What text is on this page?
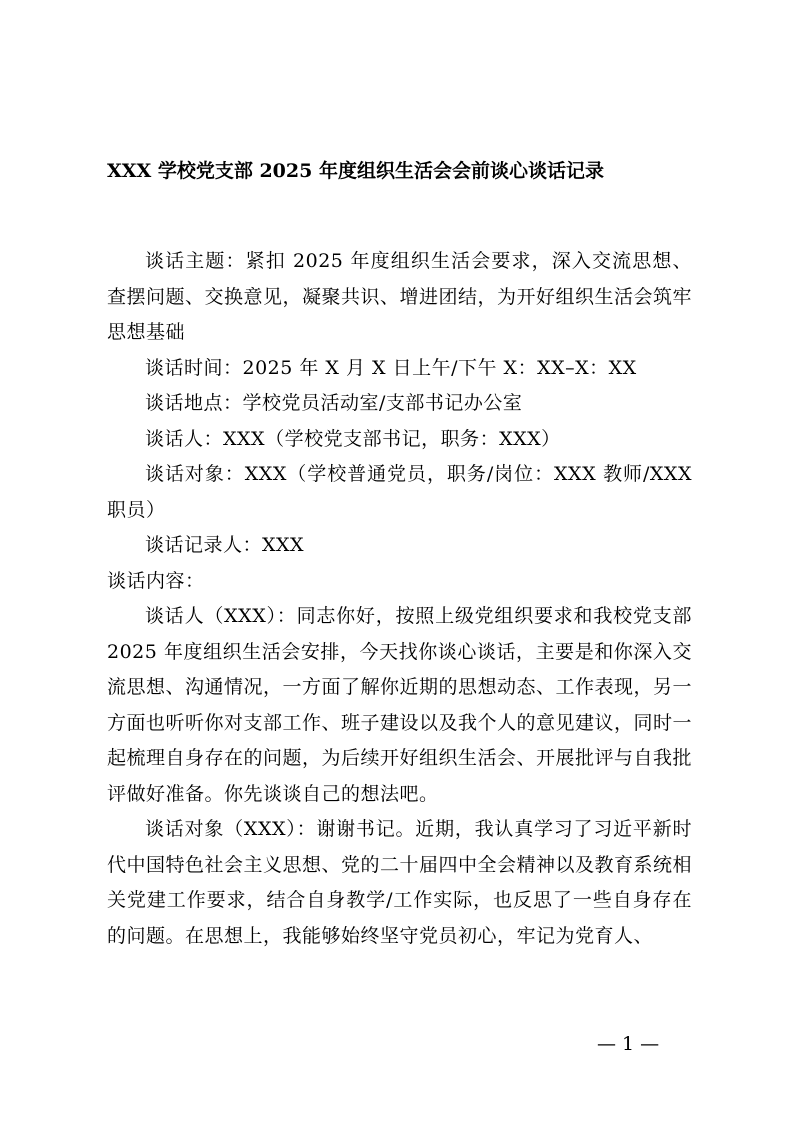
XXX 学校党支部 2025 年度组织生活会会前谈心谈话记录

谈话主题：紧扣 2025 年度组织生活会要求，深入交流思想、查摆问题、交换意见，凝聚共识、增进团结，为开好组织生活会筑牢思想基础

谈话时间：2025 年 X 月 X 日上午/下午 X：XX–X：XX

谈话地点：学校党员活动室/支部书记办公室

谈话人：XXX（学校党支部书记，职务：XXX）

谈话对象：XXX（学校普通党员，职务/岗位：XXX 教师/XXX 职员）

谈话记录人：XXX

谈话内容：

谈话人（XXX）：同志你好，按照上级党组织要求和我校党支部 2025 年度组织生活会安排，今天找你谈心谈话，主要是和你深入交流思想、沟通情况，一方面了解你近期的思想动态、工作表现，另一方面也听听你对支部工作、班子建设以及我个人的意见建议，同时一起梳理自身存在的问题，为后续开好组织生活会、开展批评与自我批评做好准备。你先谈谈自己的想法吧。

谈话对象（XXX）：谢谢书记。近期，我认真学习了习近平新时代中国特色社会主义思想、党的二十届四中全会精神以及教育系统相关党建工作要求，结合自身教学/工作实际，也反思了一些自身存在的问题。在思想上，我能够始终坚守党员初心，牢记为党育人、

— 1 —
